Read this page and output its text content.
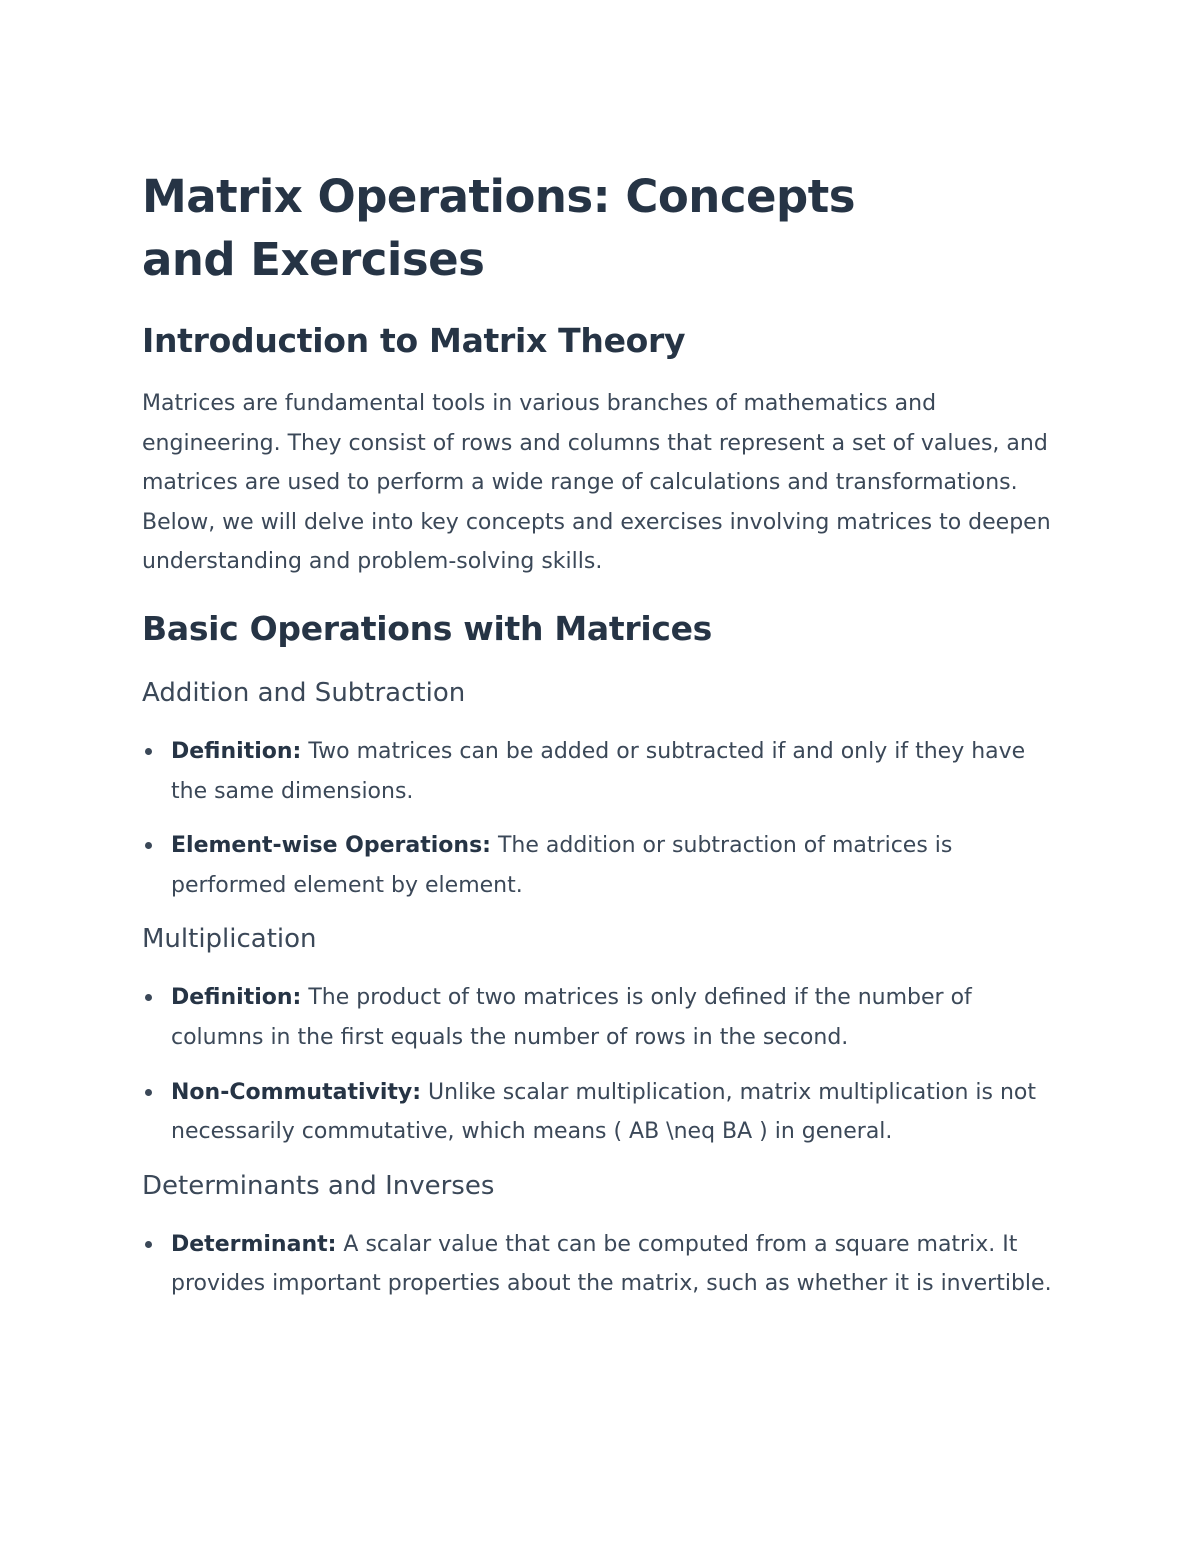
Matrix Operations: Concepts and Exercises
Introduction to Matrix Theory

Matrices are fundamental tools in various branches of mathematics and engineering. They consist of rows and columns that represent a set of values, and matrices are used to perform a wide range of calculations and transformations. Below, we will delve into key concepts and exercises involving matrices to deepen understanding and problem-solving skills.

Basic Operations with Matrices
Addition and Subtraction
Definition: Two matrices can be added or subtracted if and only if they have the same dimensions.
Element-wise Operations: The addition or subtraction of matrices is performed element by element.
Multiplication
Definition: The product of two matrices is only defined if the number of columns in the first equals the number of rows in the second.
Non-Commutativity: Unlike scalar multiplication, matrix multiplication is not necessarily commutative, which means ( AB \neq BA ) in general.
Determinants and Inverses
Determinant: A scalar value that can be computed from a square matrix. It provides important properties about the matrix, such as whether it is invertible.
